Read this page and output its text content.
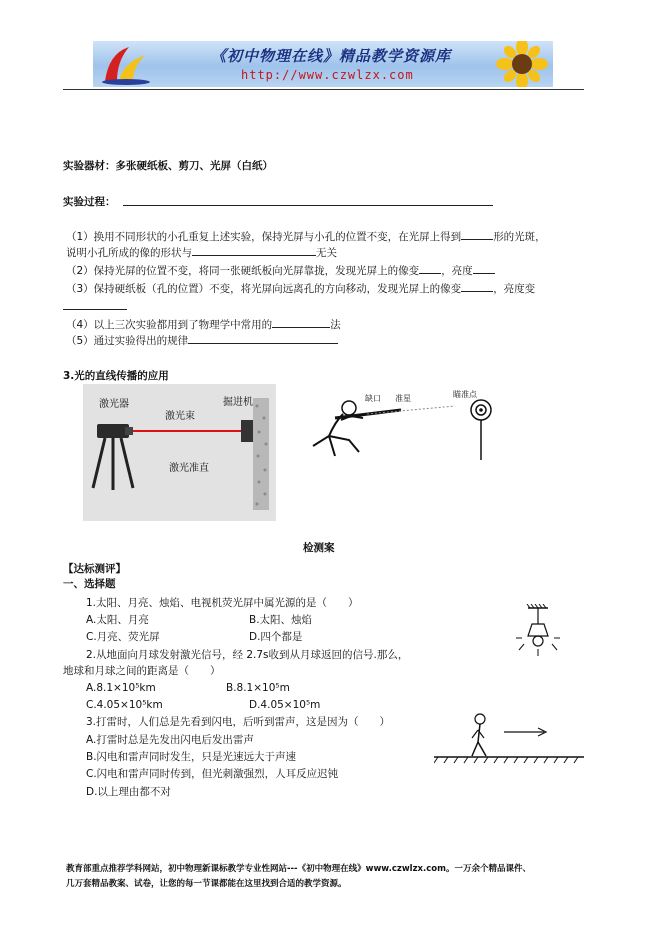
《初中物理在线》精品教学资源库
http://www.czwlzx.com
实验器材：多张硬纸板、剪刀、光屏（白纸）
实验过程：
（1）换用不同形状的小孔重复上述实验，保持光屏与小孔的位置不变，在光屏上得到	形的光斑，
说明小孔所成的像的形状与	无关
（2）保持光屏的位置不变，将同一张硬纸板向光屏靠拢，发现光屏上的像变 ，亮度
（3）保持硬纸板（孔的位置）不变，将光屏向远离孔的方向移动，发现光屏上的像变	，亮度变
（4）以上三次实验都用到了物理学中常用的	法
（5）通过实验得出的规律
3.光的直线传播的应用
激光器
激光束
掘进机
激光准直
缺口 准星	瞄准点
检测案
【达标测评】
一、选择题
1.太阳、月亮、烛焰、电视机荧光屏中属光源的是（　　）
A.太阳、月亮	B.太阳、烛焰
C.月亮、荧光屏	D.四个都是
2.从地面向月球发射激光信号，经 2.7s收到从月球返回的信号.那么，
地球和月球之间的距离是（　　）
A.8.1×10⁵km	B.8.1×10⁵m
C.4.05×10⁵km	D.4.05×10⁵m
3.打雷时，人们总是先看到闪电，后听到雷声，这是因为（　　）
A.打雷时总是先发出闪电后发出雷声
B.闪电和雷声同时发生，只是光速远大于声速
C.闪电和雷声同时传到，但光刺激强烈，人耳反应迟钝
D.以上理由都不对
教育部重点推荐学科网站，初中物理新课标教学专业性网站---《初中物理在线》www.czwlzx.com。一万余个精品课件、
几万套精品教案、试卷，让您的每一节课都能在这里找到合适的教学资源。
